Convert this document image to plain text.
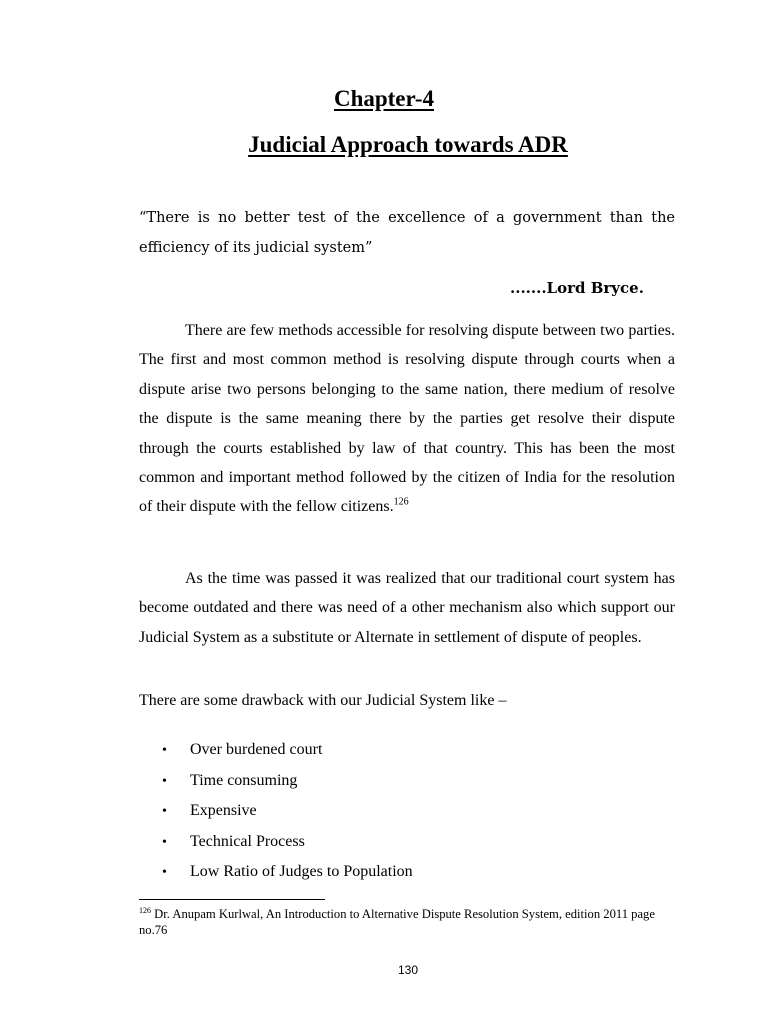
Chapter-4
Judicial Approach towards ADR
“There is no better test of the excellence of a government than the efficiency of its judicial system”
.......Lord Bryce.

There are few methods accessible for resolving dispute between two parties. The first and most common method is resolving dispute through courts when a dispute arise two persons belonging to the same nation, there medium of resolve the dispute is the same meaning there by the parties get resolve their dispute through the courts established by law of that country. This has been the most common and important method followed by the citizen of India for the resolution of their dispute with the fellow citizens.$^{126}$

As the time was passed it was realized that our traditional court system has become outdated and there was need of a other mechanism also which support our Judicial System as a substitute or Alternate in settlement of dispute of peoples.

There are some drawback with our Judicial System like –
• Over burdened court
• Time consuming
• Expensive
• Technical Process
• Low Ratio of Judges to Population
$^{126}$ Dr. Anupam Kurlwal, An Introduction to Alternative Dispute Resolution System, edition 2011 page no.76
130
